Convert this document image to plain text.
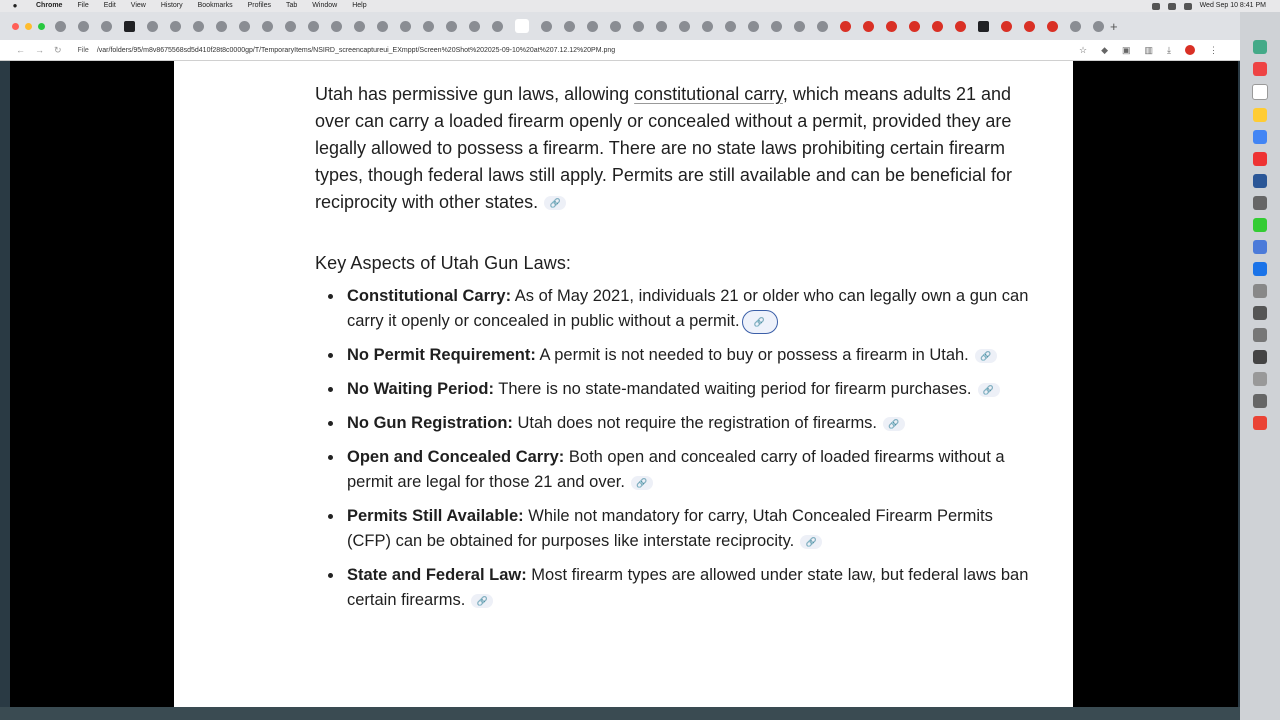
●	Chrome File Edit View History Bookmarks Profiles Tab Window Help	Wed Sep 10 8:41 PM
+
←→↻ File /var/folders/95/m8v8675568sd5d410f28t8c0000gp/T/TemporaryItems/NSIRD_screencaptureui_EXmppt/Screen%20Shot%202025-09-10%20at%207.12.12%20PM.png	☆ ◆ ▣ ▥ ⤓	⋮

Utah has permissive gun laws, allowing constitutional carry, which means adults 21 and over can carry a loaded firearm openly or concealed without a permit, provided they are legally allowed to possess a firearm. There are no state laws prohibiting certain firearm types, though federal laws still apply. Permits are still available and can be beneficial for reciprocity with other states. 🔗

Key Aspects of Utah Gun Laws:
Constitutional Carry: As of May 2021, individuals 21 or older who can legally own a gun can carry it openly or concealed in public without a permit. 🔗
No Permit Requirement: A permit is not needed to buy or possess a firearm in Utah. 🔗
No Waiting Period: There is no state-mandated waiting period for firearm purchases. 🔗
No Gun Registration: Utah does not require the registration of firearms. 🔗
Open and Concealed Carry: Both open and concealed carry of loaded firearms without a permit are legal for those 21 and over. 🔗
Permits Still Available: While not mandatory for carry, Utah Concealed Firearm Permits (CFP) can be obtained for purposes like interstate reciprocity. 🔗
State and Federal Law: Most firearm types are allowed under state law, but federal laws ban certain firearms. 🔗
